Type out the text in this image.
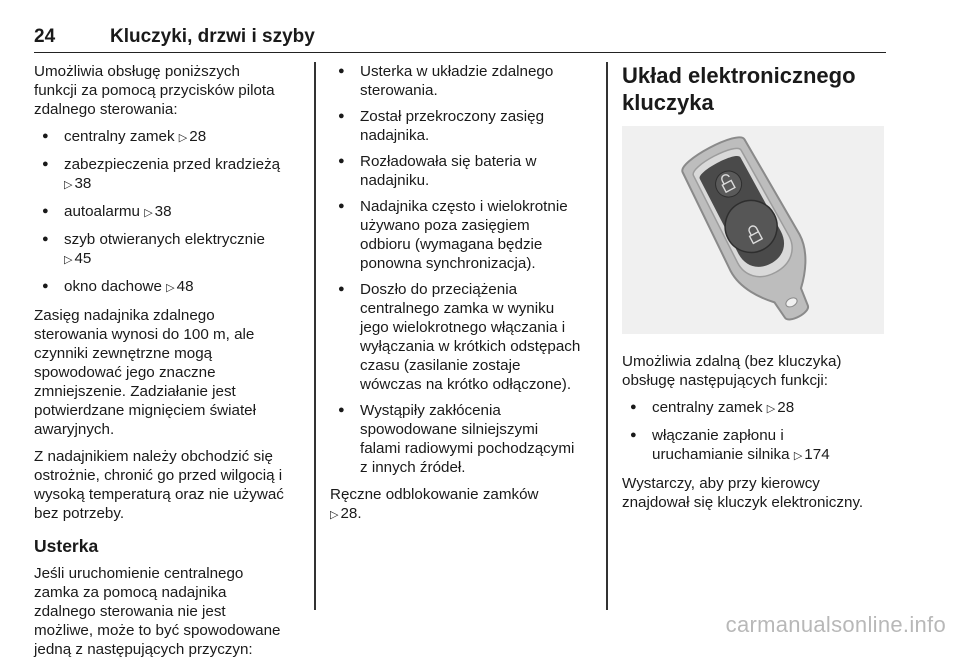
24	Kluczyki, drzwi i szyby

Umożliwia obsługę poniższych
funkcji za pomocą przycisków pilota
zdalnego sterowania:

● centralny zamek ▷ 28
● zabezpieczenia przed kradzieżą
▷ 38
● autoalarmu ▷ 38
● szyb otwieranych elektrycznie
▷ 45
● okno dachowe ▷ 48

Zasięg nadajnika zdalnego
sterowania wynosi do 100 m, ale
czynniki zewnętrzne mogą
spowodować jego znaczne
zmniejszenie. Zadziałanie jest
potwierdzane mignięciem świateł
awaryjnych.

Z nadajnikiem należy obchodzić się
ostrożnie, chronić go przed wilgocią i
wysoką temperaturą oraz nie używać
bez potrzeby.

Usterka

Jeśli uruchomienie centralnego
zamka za pomocą nadajnika
zdalnego sterowania nie jest
możliwe, może to być spowodowane
jedną z następujących przyczyn:

● Usterka w układzie zdalnego
sterowania.
● Został przekroczony zasięg
nadajnika.
● Rozładowała się bateria w
nadajniku.
● Nadajnika często i wielokrotnie
używano poza zasięgiem
odbioru (wymagana będzie
ponowna synchronizacja).
● Doszło do przeciążenia
centralnego zamka w wyniku
jego wielokrotnego włączania i
wyłączania w krótkich odstępach
czasu (zasilanie zostaje
wówczas na krótko odłączone).
● Wystąpiły zakłócenia
spowodowane silniejszymi
falami radiowymi pochodzącymi
z innych źródeł.

Ręczne odblokowanie zamków
▷ 28.

Układ elektronicznego
kluczyka

Umożliwia zdalną (bez kluczyka)
obsługę następujących funkcji:

● centralny zamek ▷ 28
● włączanie zapłonu i
uruchamianie silnika ▷ 174

Wystarczy, aby przy kierowcy
znajdował się kluczyk elektroniczny.

carmanualsonline.info
